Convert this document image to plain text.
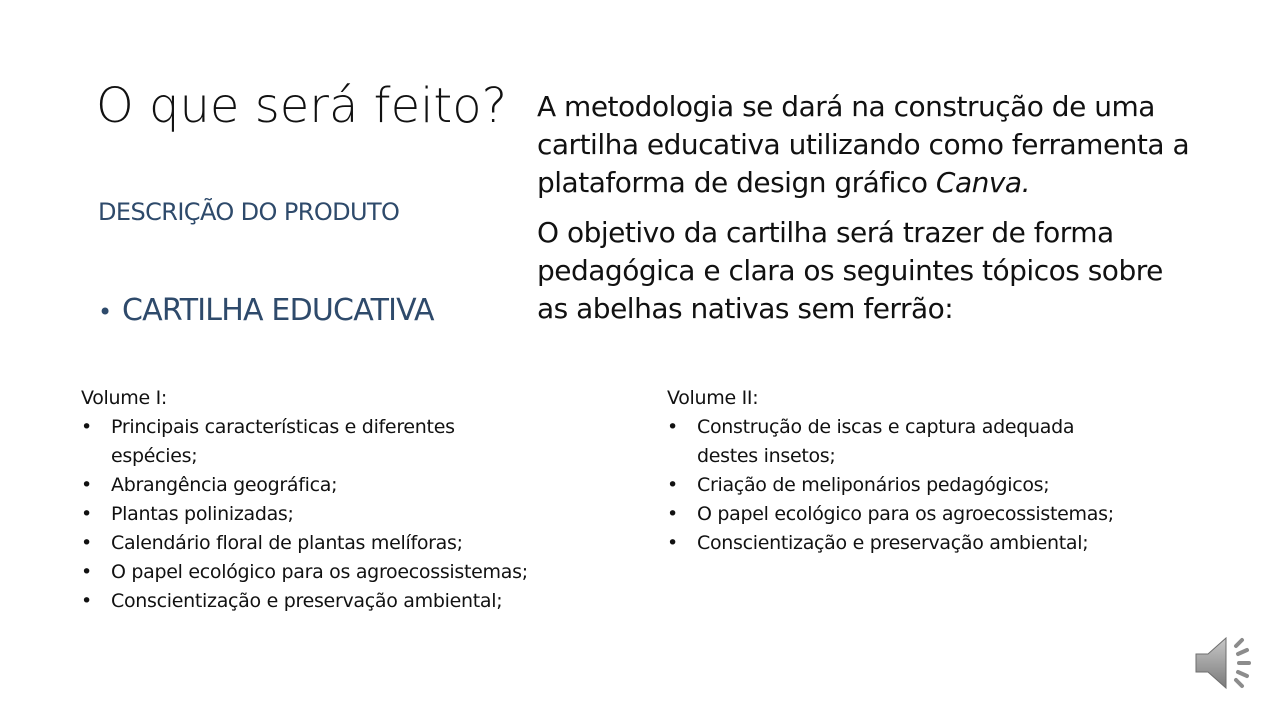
O que será feito?
DESCRIÇÃO DO PRODUTO
• CARTILHA EDUCATIVA

A metodologia se dará na construção de uma cartilha educativa utilizando como ferramenta a plataforma de design gráfico Canva.

O objetivo da cartilha será trazer de forma pedagógica e clara os seguintes tópicos sobre as abelhas nativas sem ferrão:

Volume I:
• Principais características e diferentes espécies;
• Abrangência geográfica;
• Plantas polinizadas;
• Calendário floral de plantas melíforas;
• O papel ecológico para os agroecossistemas;
• Conscientização e preservação ambiental;
Volume II:
• Construção de iscas e captura adequada destes insetos;
• Criação de meliponários pedagógicos;
• O papel ecológico para os agroecossistemas;
• Conscientização e preservação ambiental;
